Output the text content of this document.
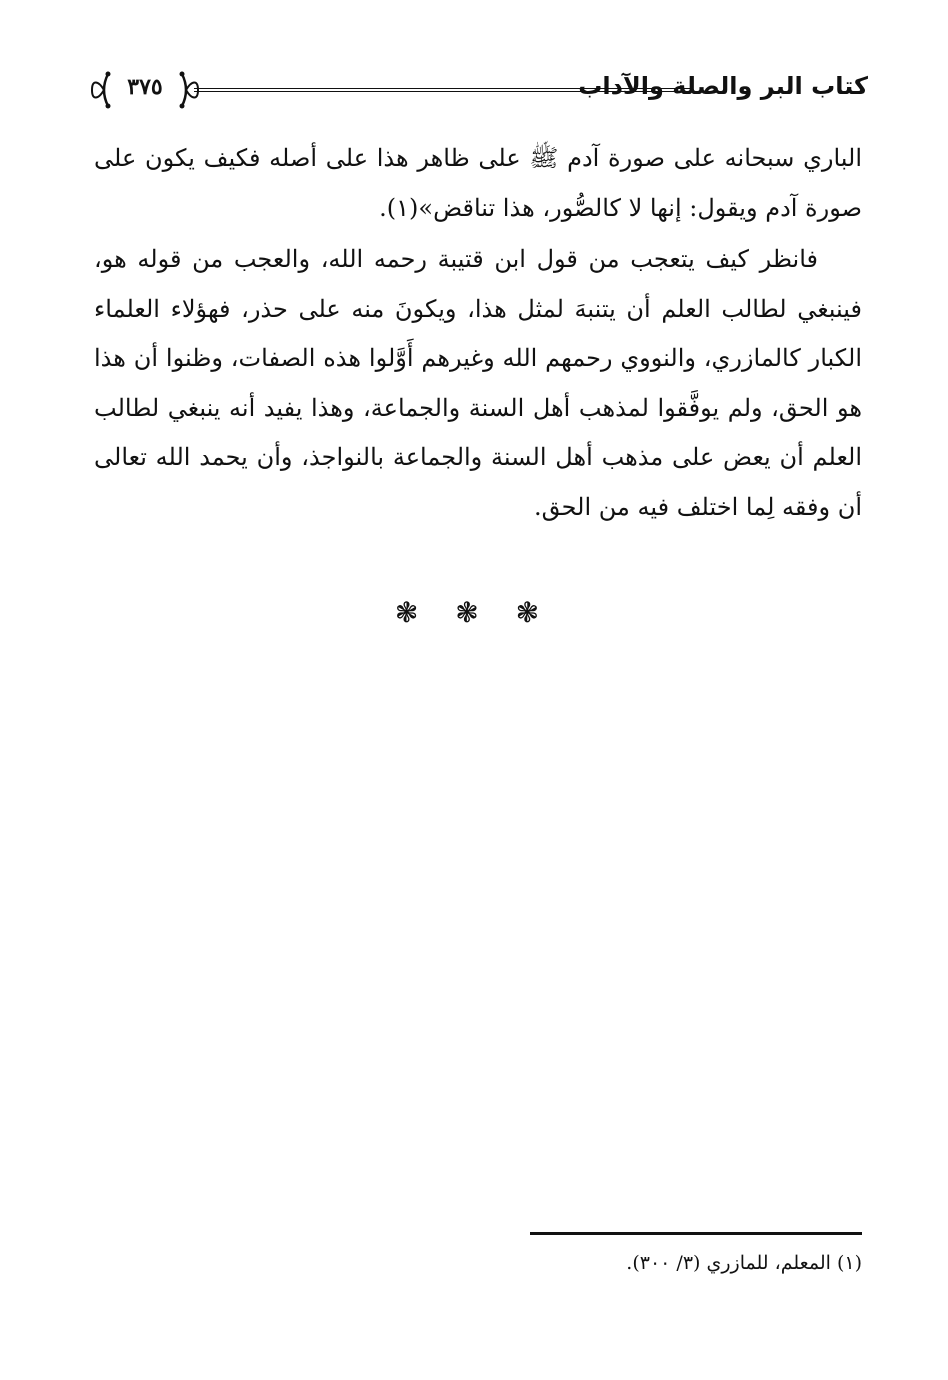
٣٧٥	كتاب البر والصلة والآداب

الباري سبحانه على صورة آدم ﷺ على ظاهر هذا على أصله فكيف يكون على صورة آدم ويقول: إنها لا كالصُّور، هذا تناقض»(١).

فانظر كيف يتعجب من قول ابن قتيبة رحمه الله، والعجب من قوله هو، فينبغي لطالب العلم أن يتنبهَ لمثل هذا، ويكونَ منه على حذر، فهؤلاء العلماء الكبار كالمازري، والنووي رحمهم الله وغيرهم أَوَّلوا هذه الصفات، وظنوا أن هذا هو الحق، ولم يوفَّقوا لمذهب أهل السنة والجماعة، وهذا يفيد أنه ينبغي لطالب العلم أن يعض على مذهب أهل السنة والجماعة بالنواجذ، وأن يحمد الله تعالى أن وفقه لِما اختلف فيه من الحق.

❃ ❃ ❃
(١) المعلم، للمازري (٣/ ٣٠٠).
